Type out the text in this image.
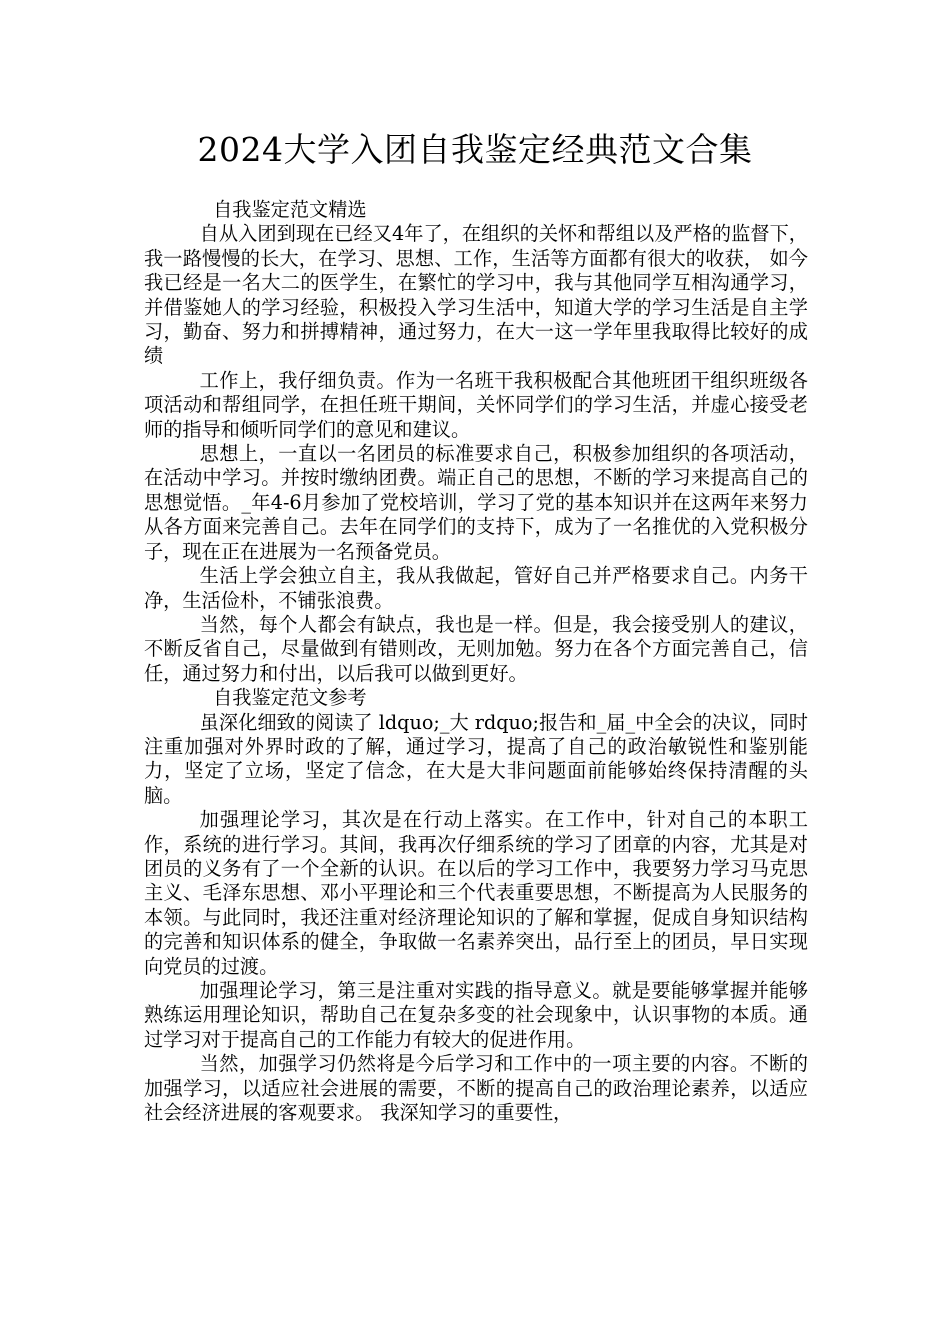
2024大学入团自我鉴定经典范文合集

自我鉴定范文精选

自从入团到现在已经又4年了，在组织的关怀和帮组以及严格的监督下，我一路慢慢的长大，在学习、思想、工作，生活等方面都有很大的收获， 如今我已经是一名大二的医学生，在繁忙的学习中，我与其他同学互相沟通学习，并借鉴她人的学习经验，积极投入学习生活中，知道大学的学习生活是自主学习，勤奋、努力和拼搏精神，通过努力，在大一这一学年里我取得比较好的成绩

工作上，我仔细负责。作为一名班干我积极配合其他班团干组织班级各项活动和帮组同学，在担任班干期间，关怀同学们的学习生活，并虚心接受老师的指导和倾听同学们的意见和建议。

思想上，一直以一名团员的标准要求自己，积极参加组织的各项活动，在活动中学习。并按时缴纳团费。端正自己的思想，不断的学习来提高自己的思想觉悟。_年4-6月参加了党校培训，学习了党的基本知识并在这两年来努力从各方面来完善自己。去年在同学们的支持下，成为了一名推优的入党积极分子，现在正在进展为一名预备党员。

生活上学会独立自主，我从我做起，管好自己并严格要求自己。内务干净，生活俭朴，不铺张浪费。

当然，每个人都会有缺点，我也是一样。但是，我会接受别人的建议，不断反省自己，尽量做到有错则改，无则加勉。努力在各个方面完善自己，信任，通过努力和付出，以后我可以做到更好。

自我鉴定范文参考

虽深化细致的阅读了 ldquo;_大 rdquo;报告和_届_中全会的决议，同时注重加强对外界时政的了解，通过学习，提高了自己的政治敏锐性和鉴别能力，坚定了立场，坚定了信念，在大是大非问题面前能够始终保持清醒的头脑。

加强理论学习，其次是在行动上落实。在工作中，针对自己的本职工作，系统的进行学习。其间，我再次仔细系统的学习了团章的内容，尤其是对团员的义务有了一个全新的认识。在以后的学习工作中，我要努力学习马克思主义、毛泽东思想、邓小平理论和三个代表重要思想，不断提高为人民服务的本领。与此同时，我还注重对经济理论知识的了解和掌握，促成自身知识结构的完善和知识体系的健全，争取做一名素养突出，品行至上的团员，早日实现向党员的过渡。

加强理论学习，第三是注重对实践的指导意义。就是要能够掌握并能够熟练运用理论知识，帮助自己在复杂多变的社会现象中，认识事物的本质。通过学习对于提高自己的工作能力有较大的促进作用。

当然，加强学习仍然将是今后学习和工作中的一项主要的内容。不断的加强学习，以适应社会进展的需要，不断的提高自己的政治理论素养，以适应社会经济进展的客观要求。 我深知学习的重要性，
